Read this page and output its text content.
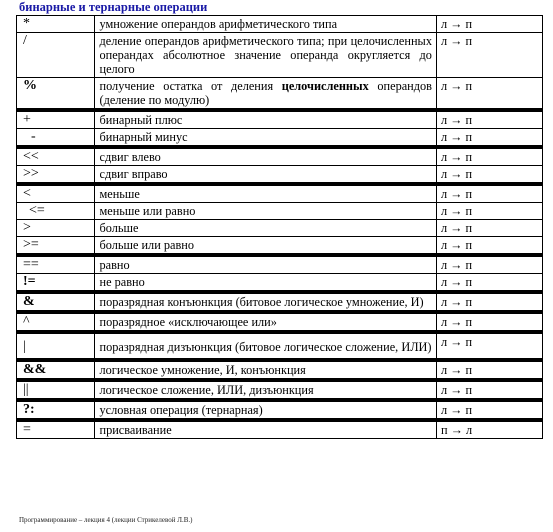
бинарные и тернарные операции
*	умножение операндов арифметического типа	л → п
/	деление операндов арифметического типа; при целочисленных операндах абсолютное значение операнда округляется до целого	л → п
%	получение остатка от деления целочисленных операндов (деление по модулю)	л → п
+	бинарный плюс	л → п
-	бинарный минус	л → п
<<	сдвиг влево	л → п
>>	сдвиг вправо	л → п
<	меньше	л → п
<=	меньше или равно	л → п
>	больше	л → п
>=	больше или равно	л → п
==	равно	л → п
!=	не равно	л → п
&	поразрядная конъюнкция (битовое логическое умножение, И)	л → п
^	поразрядное «исключающее или»	л → п
|	поразрядная дизъюнкция (битовое логическое сложение, ИЛИ)	л → п
&&	логическое умножение, И, конъюнкция	л → п
||	логическое сложение, ИЛИ, дизъюнкция	л → п
?:	условная операция (тернарная)	л → п
=	присваивание	п → л
Программирование – лекция 4 (лекции Стрикелевой Л.В.)
